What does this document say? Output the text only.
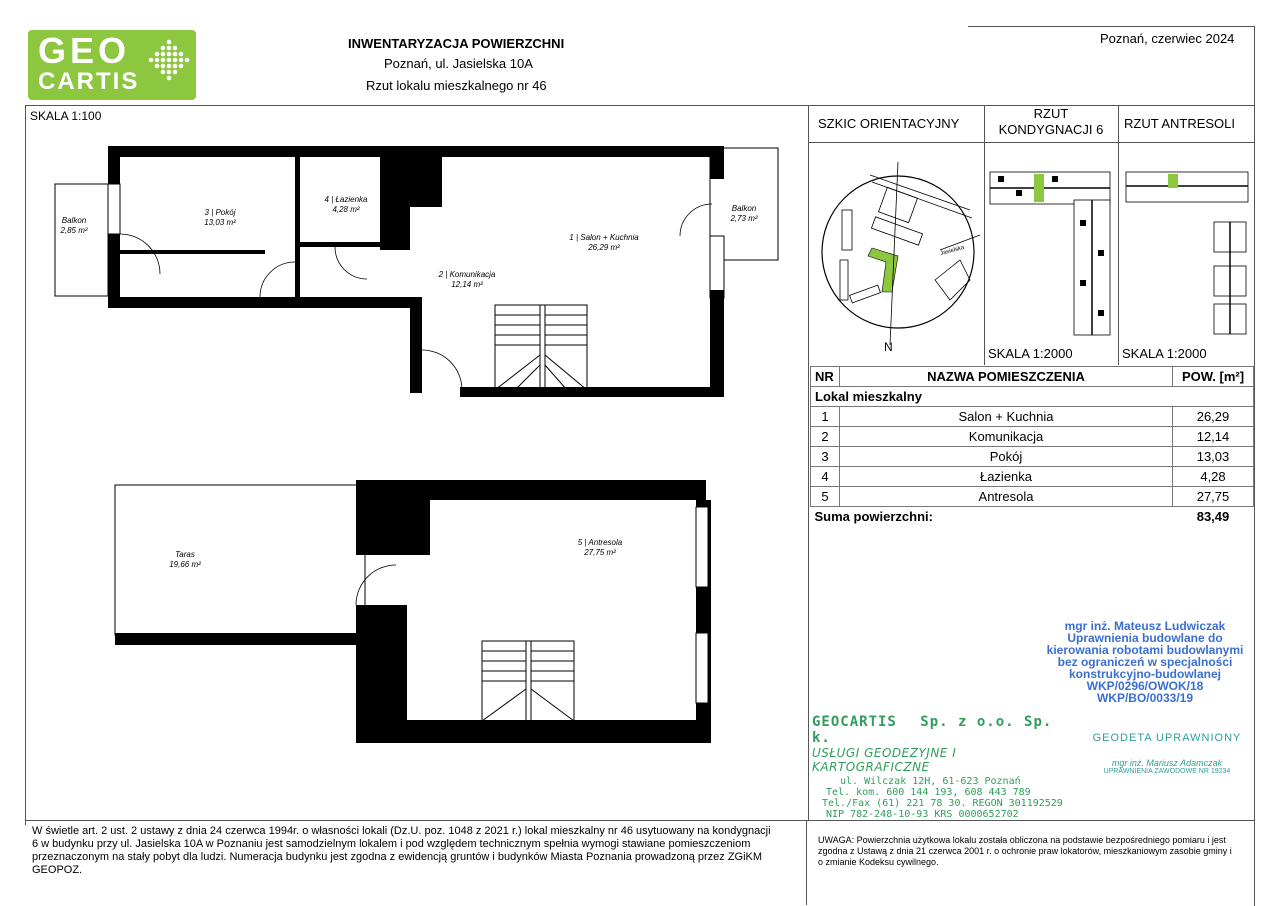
GEO
CARTIS
INWENTARYZACJA POWIERZCHNI
Poznań, ul. Jasielska 10A
Rzut lokalu mieszkalnego nr 46
Poznań, czerwiec 2024
SKALA 1:100
Balkon
2,85 m²
3 | Pokój
13,03 m²
4 | Łazienka
4,28 m²
1 | Salon + Kuchnia
26,29 m²
Balkon
2,73 m²
2 | Komunikacja
12,14 m²
Taras
19,66 m²
5 | Antresola
27,75 m²
SZKIC ORIENTACYJNY
RZUT
KONDYGNACJI 6	RZUT ANTRESOLI
N
Jasielska
SKALA 1:2000	SKALA 1:2000
NR	NAZWA POMIESZCZENIA	POW. [m²]
Lokal mieszkalny		
1	Salon + Kuchnia	26,29
2	Komunikacja	12,14
3	Pokój	13,03
4	Łazienka	4,28
5	Antresola	27,75
Suma powierzchni:		83,49
mgr inż. Mateusz Ludwiczak
Uprawnienia budowlane do
kierowania robotami budowlanymi
bez ograniczeń w specjalności
konstrukcyjno-budowlanej
WKP/0296/OWOK/18
WKP/BO/0033/19
GEOCARTIS Sp. z o.o. Sp. k.
USŁUGI GEODEZYJNE I KARTOGRAFICZNE
ul. Wilczak 12H, 61-623 Poznań
Tel. kom. 600 144 193, 608 443 789
Tel./Fax (61) 221 78 30. REGON 301192529
NIP 782-248-10-93 KRS 0000652702
GEODETA UPRAWNIONY
mgr inż. Mariusz Adamczak
UPRAWNIENIA ZAWODOWE NR 19234
W świetle art. 2 ust. 2 ustawy z dnia 24 czerwca 1994r. o własności lokali (Dz.U. poz. 1048 z 2021 r.) lokal mieszkalny nr 46 usytuowany na kondygnacji 6 w budynku przy ul. Jasielska 10A w Poznaniu jest samodzielnym lokalem i pod względem technicznym spełnia wymogi stawiane pomieszczeniom przeznaczonym na stały pobyt dla ludzi. Numeracja budynku jest zgodna z ewidencją gruntów i budynków Miasta Poznania prowadzoną przez ZGiKM GEOPOZ.
UWAGA: Powierzchnia użytkowa lokalu została obliczona na podstawie bezpośredniego pomiaru i jest zgodna z Ustawą z dnia 21 czerwca 2001 r. o ochronie praw lokatorów, mieszkaniowym zasobie gminy i o zmianie Kodeksu cywilnego.
